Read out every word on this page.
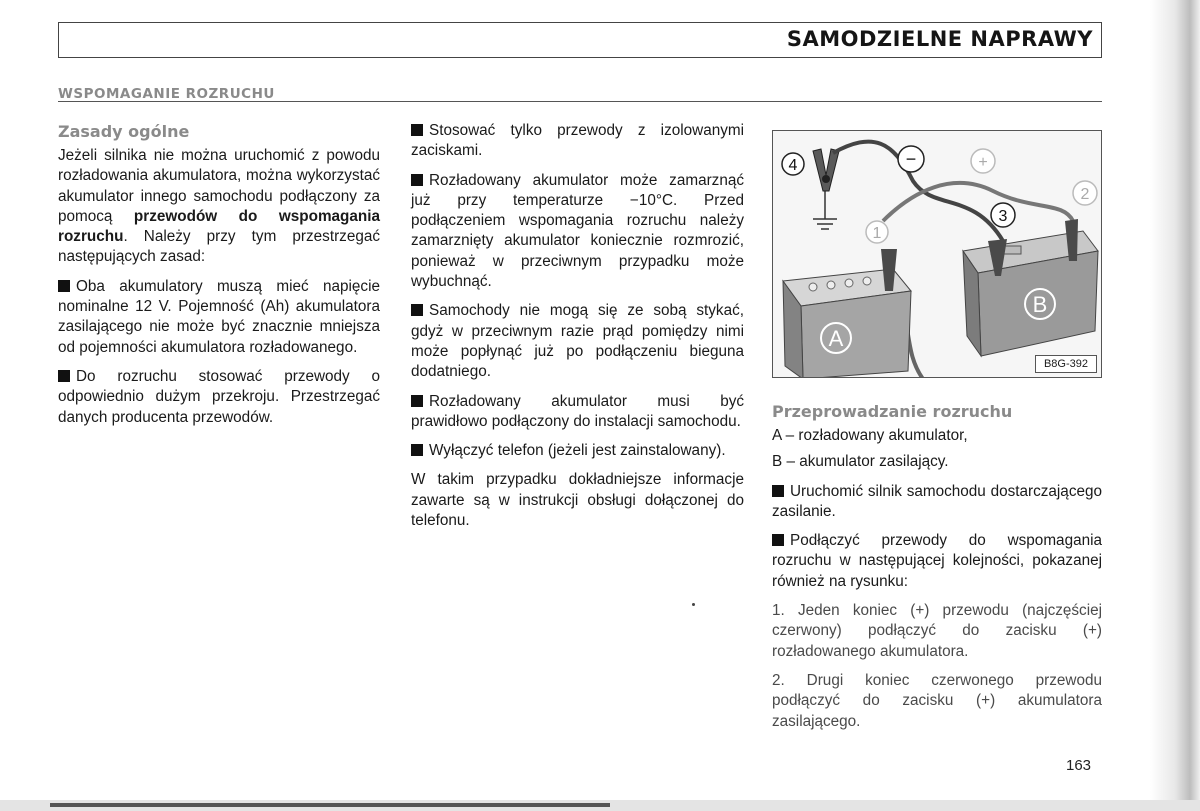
SAMODZIELNE NAPRAWY
WSPOMAGANIE ROZRUCHU
Zasady ogólne

Jeżeli silnika nie można uruchomić z powodu rozładowania akumulatora, można wykorzystać akumulator innego samochodu podłączony za pomocą przewodów do wspomagania rozruchu. Należy przy tym przestrzegać następujących zasad:

Oba akumulatory muszą mieć napięcie nominalne 12 V. Pojemność (Ah) akumulatora zasilającego nie może być znacznie mniejsza od pojemności akumulatora rozładowanego.

Do rozruchu stosować przewody o odpowiednio dużym przekroju. Przestrzegać danych producenta przewodów.

Stosować tylko przewody z izolowanymi zaciskami.

Rozładowany akumulator może zamarznąć już przy temperaturze −10°C. Przed podłączeniem wspomagania rozruchu należy zamarznięty akumulator koniecznie rozmrozić, ponieważ w przeciwnym przypadku może wybuchnąć.

Samochody nie mogą się ze sobą stykać, gdyż w przeciwnym razie prąd pomiędzy nimi może popłynąć już po podłączeniu bieguna dodatniego.

Rozładowany akumulator musi być prawidłowo podłączony do instalacji samochodu.

Wyłączyć telefon (jeżeli jest zainstalowany).

W takim przypadku dokładniejsze informacje zawarte są w instrukcji obsługi dołączonej do telefonu.

4	−	+
1
3
2
A
B
B8G-392
Przeprowadzanie rozruchu

A – rozładowany akumulator,

B – akumulator zasilający.

Uruchomić silnik samochodu dostarczającego zasilanie.

Podłączyć przewody do wspomagania rozruchu w następującej kolejności, pokazanej również na rysunku:

1. Jeden koniec (+) przewodu (najczęściej czerwony) podłączyć do zacisku (+) rozładowanego akumulatora.

2. Drugi koniec czerwonego przewodu podłączyć do zacisku (+) akumulatora zasilającego.

163
